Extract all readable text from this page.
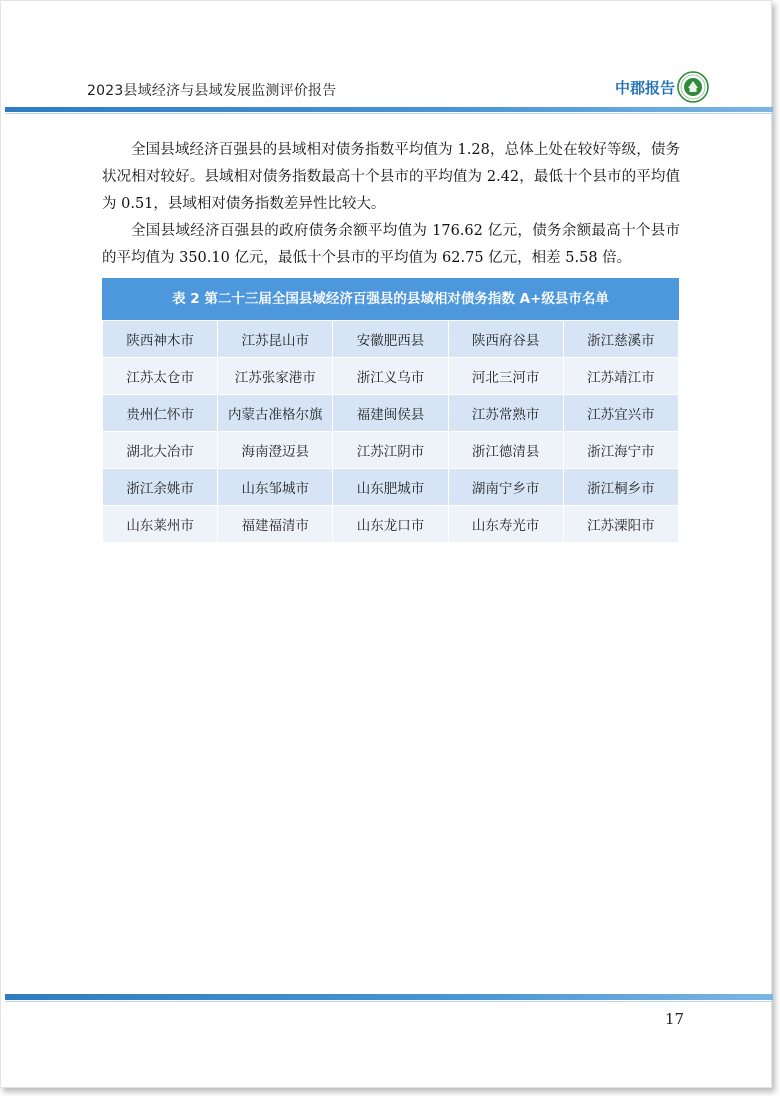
2023县域经济与县域发展监测评价报告	中郡报告

全国县域经济百强县的县域相对债务指数平均值为 1.28，总体上处在较好等级，债务状况相对较好。县域相对债务指数最高十个县市的平均值为 2.42，最低十个县市的平均值为 0.51，县域相对债务指数差异性比较大。

全国县域经济百强县的政府债务余额平均值为 176.62 亿元，债务余额最高十个县市的平均值为 350.10 亿元，最低十个县市的平均值为 62.75 亿元，相差 5.58 倍。

表 2 第二十三届全国县域经济百强县的县域相对债务指数 A+级县市名单
陕西神木市	江苏昆山市	安徽肥西县	陕西府谷县	浙江慈溪市
江苏太仓市	江苏张家港市	浙江义乌市	河北三河市	江苏靖江市
贵州仁怀市	内蒙古准格尔旗	福建闽侯县	江苏常熟市	江苏宜兴市
湖北大冶市	海南澄迈县	江苏江阴市	浙江德清县	浙江海宁市
浙江余姚市	山东邹城市	山东肥城市	湖南宁乡市	浙江桐乡市
山东莱州市	福建福清市	山东龙口市	山东寿光市	江苏溧阳市
17
